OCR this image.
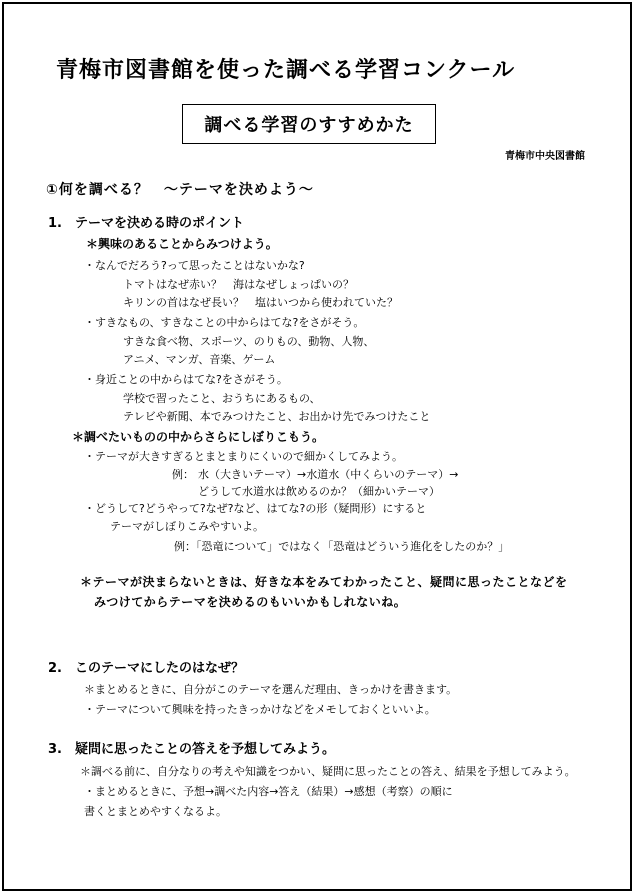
青梅市図書館を使った調べる学習コンクール
調べる学習のすすめかた
青梅市中央図書館
①何を調べる？　～テーマを決めよう～
1.　テーマを決める時のポイント
＊興味のあることからみつけよう。
・なんでだろう?って思ったことはないかな?
トマトはなぜ赤い？　海はなぜしょっぱいの？
キリンの首はなぜ長い？　塩はいつから使われていた？
・すきなもの、すきなことの中からはてな?をさがそう。
すきな食べ物、スポーツ、のりもの、動物、人物、
アニメ、マンガ、音楽、ゲーム
・身近ことの中からはてな?をさがそう。
学校で習ったこと、おうちにあるもの、
テレビや新聞、本でみつけたこと、お出かけ先でみつけたこと
＊調べたいものの中からさらにしぼりこもう。
・テーマが大きすぎるとまとまりにくいので細かくしてみよう。
例： 水（大きいテーマ）→水道水（中くらいのテーマ）→
どうして水道水は飲めるのか？（細かいテーマ）
・どうして?どうやって?なぜ?など、はてな?の形（疑問形）にすると
テーマがしぼりこみやすいよ。
例：「恐竜について」ではなく「恐竜はどういう進化をしたのか？」
＊テーマが決まらないときは、好きな本をみてわかったこと、疑問に思ったことなどを
みつけてからテーマを決めるのもいいかもしれないね。
2.　このテーマにしたのはなぜ？
＊まとめるときに、自分がこのテーマを選んだ理由、きっかけを書きます。
・テーマについて興味を持ったきっかけなどをメモしておくといいよ。
3.　疑問に思ったことの答えを予想してみよう。
＊調べる前に、自分なりの考えや知識をつかい、疑問に思ったことの答え、結果を予想してみよう。
・まとめるときに、予想→調べた内容→答え（結果）→感想（考察）の順に
書くとまとめやすくなるよ。
